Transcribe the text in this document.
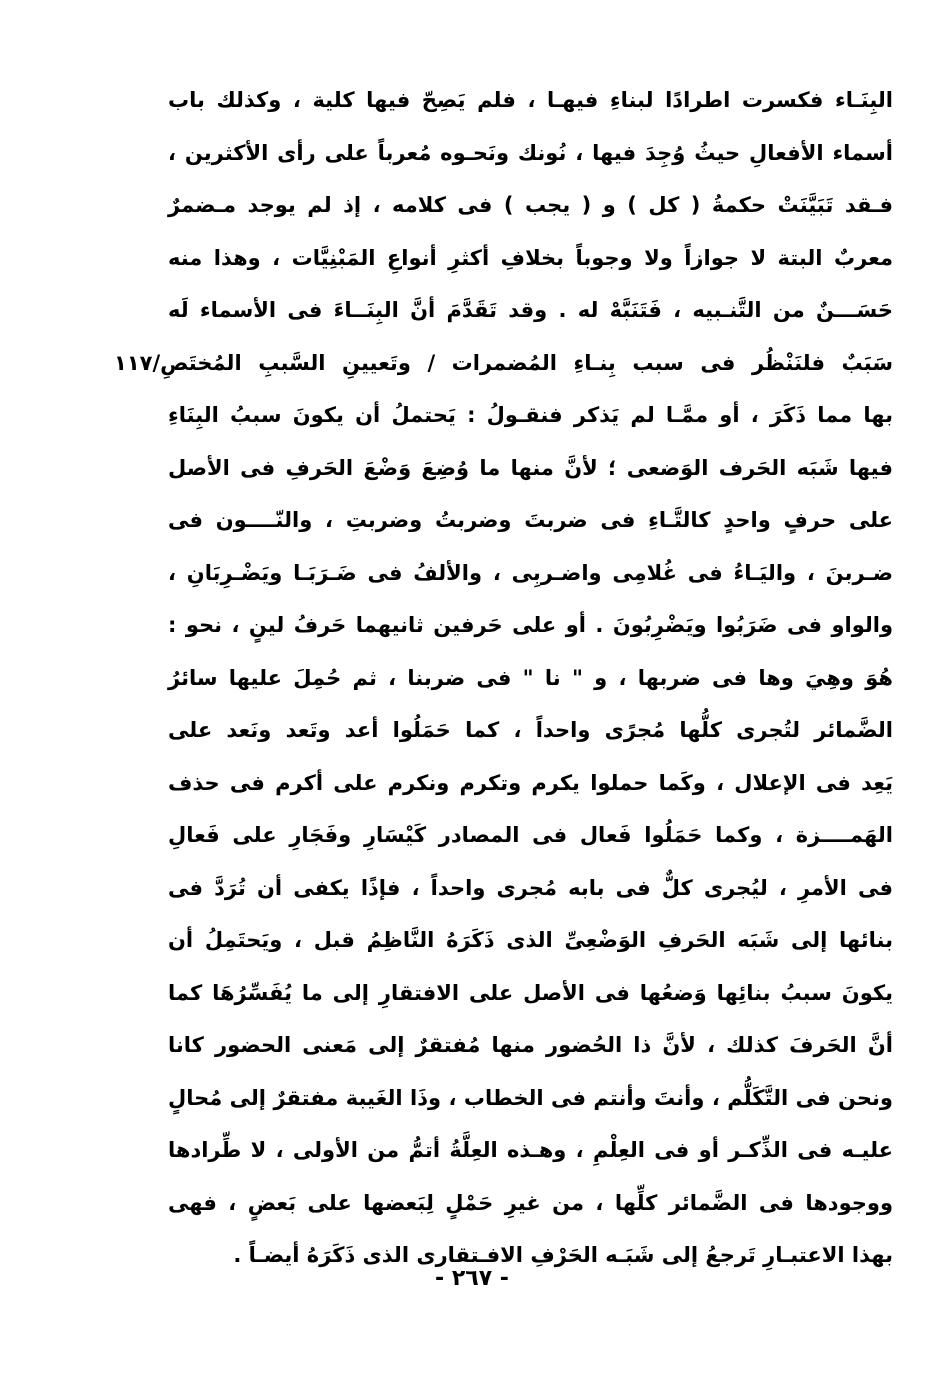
البِنَـاء فكسرت اطرادًا لبناءِ فيهـا ، فلم يَصِحّ فيها كلية ، وكذلك باب
أسماء الأفعالِ حيثُ وُجِدَ فيها ، نُونك ونَحـوه مُعرباً على رأى الأكثرين ،
فـقد تَبَيَّنَتْ حكمةُ ( كل ) و ( يجب ) فى كلامه ، إذ لم يوجد مـضمرٌ
معربٌ البتة لا جوازاً ولا وجوباً بخلافِ أكثرِ أنواعِ المَبْنِيَّات ، وهذا منه
حَسَـــنٌ من التَّنـبيه ، فَتَنَبَّهْ له . وقد تَقَدَّمَ أنَّ البِنَــاءَ فى الأسماء لَه
سَبَبٌ فلنَنْظُر فى سبب بِنـاءِ المُضمرات / وتَعيينِ السَّببِ المُختَصِ/١١٧
بها مما ذَكَرَ ، أو ممَّـا لم يَذكر فنقـولُ : يَحتملُ أن يكونَ سببُ البِنَاءِ
فيها شَبَه الحَرف الوَضعى ؛ لأنَّ منها ما وُضِعَ وَضْعَ الحَرفِ فى الأصل
على حرفٍ واحدٍ كالتَّـاءِ فى ضربتَ وضربتُ وضربتِ ، والنّــــون فى
ضـربنَ ، واليَـاءُ فى غُلامِى واضـربِى ، والألفُ فى ضَـرَبَـا ويَضْـرِبَانِ ،
والواو فى ضَرَبُوا ويَضْرِبُونَ . أو على حَرفين ثانيهما حَرفُ لينٍ ، نحو :
هُوَ وهِيَ وها فى ضربها ، و " نا " فى ضربنا ، ثم حُمِلَ عليها سائرُ
الضَّمائر لتُجرى كلُّها مُجرًى واحداً ، كما حَمَلُوا أعد وتَعد ونَعد على
يَعِد فى الإعلال ، وكَما حملوا يكرم وتكرم ونكرم على أكرم فى حذف
الهَمــــزة ، وكما حَمَلُوا فَعال فى المصادر كَيْسَارِ وفَجَارِ على فَعالِ
فى الأمرِ ، ليُجرى كلٌّ فى بابه مُجرى واحداً ، فإذًا يكفى أن تُرَدَّ فى
بنائها إلى شَبَه الحَرفِ الوَضْعِىِّ الذى ذَكَرَهُ النَّاظِمُ قبل ، ويَحتَمِلُ أن
يكونَ سببُ بنائِها وَضعُها فى الأصل على الافتقارِ إلى ما يُفَسِّرُهَا كما
أنَّ الحَرفَ كذلك ، لأنَّ ذا الحُضور منها مُفتقرٌ إلى مَعنى الحضور كانا
ونحن فى التَّكَلُّم ، وأنتَ وأنتم فى الخطاب ، وذَا الغَيبة مفتقرٌ إلى مُحالٍ
عليـه فى الذِّكـر أو فى العِلْمِ ، وهـذه العِلَّةُ أتمُّ من الأولى ، لا طِّرادها
ووجودها فى الضَّمائر كلِّها ، من غيرِ حَمْلٍ لِبَعضها على بَعضٍ ، فهى
بهذا الاعتبـارِ تَرجعُ إلى شَبَـه الحَرْفِ الافـتقارى الذى ذَكَرَهُ أيضـاً .
- ٢٦٧ -
